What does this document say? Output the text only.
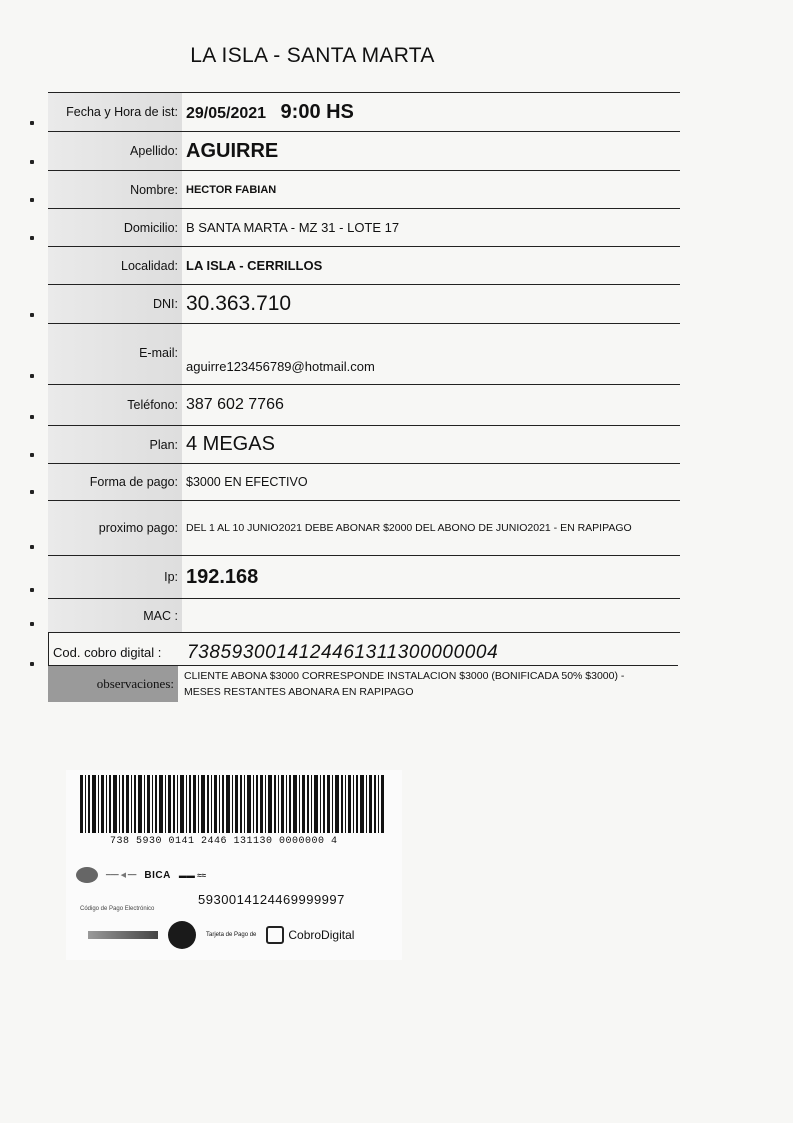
LA ISLA - SANTA MARTA
Fecha y Hora de ist: 29/05/2021 9:00 HS
Apellido: AGUIRRE
Nombre: HECTOR FABIAN
Domicilio: B SANTA MARTA - MZ 31 - LOTE 17
Localidad: LA ISLA - CERRILLOS
DNI: 30.363.710
E-mail:
aguirre123456789@hotmail.com
Teléfono: 387 602 7766
Plan: 4 MEGAS
Forma de pago: $3000 EN EFECTIVO
proximo pago: DEL 1 AL 10 JUNIO2021 DEBE ABONAR $2000 DEL ABONO DE JUNIO2021 - EN RAPIPAGO
Ip: 192.168
MAC :
Cod. cobro digital :	7385930014124461311300000004
observaciones: CLIENTE ABONA $3000 CORRESPONDE INSTALACION $3000 (BONIFICADA 50% $3000) -
MESES RESTANTES ABONARA EN RAPIPAGO
738 5930 0141 2446 131130 0000000 4
━━━ ◀ ━━ BICA ▬▬ ≈≈
Código de Pago Electrónico
5930014124469999997
Tarjeta de Pago de	CobroDigital
